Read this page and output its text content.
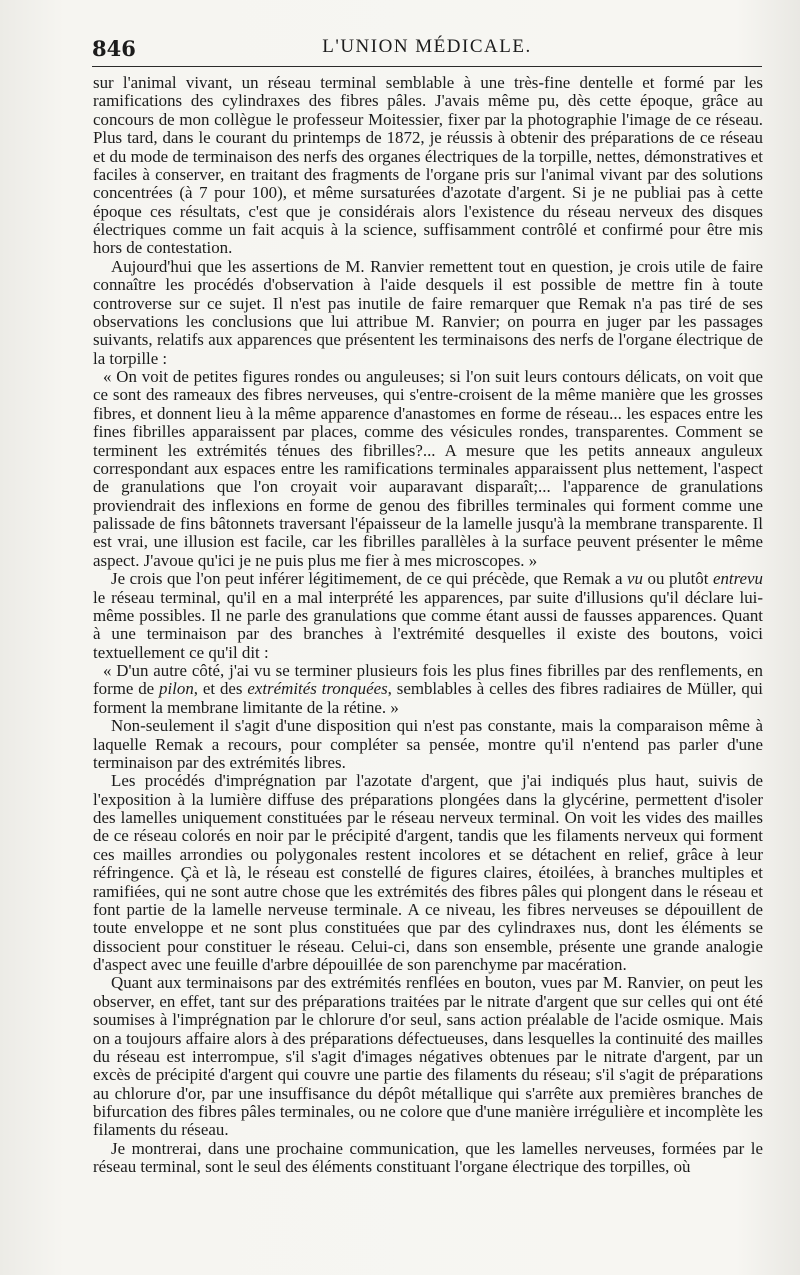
846	L'UNION MÉDICALE.

sur l'animal vivant, un réseau terminal semblable à une très-fine dentelle et formé par les ramifications des cylindraxes des fibres pâles. J'avais même pu, dès cette époque, grâce au concours de mon collègue le professeur Moitessier, fixer par la photographie l'image de ce réseau. Plus tard, dans le courant du printemps de 1872, je réussis à obtenir des préparations de ce réseau et du mode de terminaison des nerfs des organes électriques de la torpille, nettes, démonstratives et faciles à conserver, en traitant des fragments de l'organe pris sur l'animal vivant par des solutions concentrées (à 7 pour 100), et même sursaturées d'azotate d'argent. Si je ne publiai pas à cette époque ces résultats, c'est que je considérais alors l'existence du réseau nerveux des disques électriques comme un fait acquis à la science, suffisamment contrôlé et confirmé pour être mis hors de contestation.

Aujourd'hui que les assertions de M. Ranvier remettent tout en question, je crois utile de faire connaître les procédés d'observation à l'aide desquels il est possible de mettre fin à toute controverse sur ce sujet. Il n'est pas inutile de faire remarquer que Remak n'a pas tiré de ses observations les conclusions que lui attribue M. Ranvier; on pourra en juger par les passages suivants, relatifs aux apparences que présentent les terminaisons des nerfs de l'organe électrique de la torpille :

« On voit de petites figures rondes ou anguleuses; si l'on suit leurs contours délicats, on voit que ce sont des rameaux des fibres nerveuses, qui s'entre-croisent de la même manière que les grosses fibres, et donnent lieu à la même apparence d'anastomes en forme de réseau... les espaces entre les fines fibrilles apparaissent par places, comme des vésicules rondes, transparentes. Comment se terminent les extrémités ténues des fibrilles?... A mesure que les petits anneaux anguleux correspondant aux espaces entre les ramifications terminales apparaissent plus nettement, l'aspect de granulations que l'on croyait voir auparavant disparaît;... l'apparence de granulations proviendrait des inflexions en forme de genou des fibrilles terminales qui forment comme une palissade de fins bâtonnets traversant l'épaisseur de la lamelle jusqu'à la membrane transparente. Il est vrai, une illusion est facile, car les fibrilles parallèles à la surface peuvent présenter le même aspect. J'avoue qu'ici je ne puis plus me fier à mes microscopes. »

Je crois que l'on peut inférer légitimement, de ce qui précède, que Remak a vu ou plutôt entrevu le réseau terminal, qu'il en a mal interprété les apparences, par suite d'illusions qu'il déclare lui-même possibles. Il ne parle des granulations que comme étant aussi de fausses apparences. Quant à une terminaison par des branches à l'extrémité desquelles il existe des boutons, voici textuellement ce qu'il dit :

« D'un autre côté, j'ai vu se terminer plusieurs fois les plus fines fibrilles par des renflements, en forme de pilon, et des extrémités tronquées, semblables à celles des fibres radiaires de Müller, qui forment la membrane limitante de la rétine. »

Non-seulement il s'agit d'une disposition qui n'est pas constante, mais la comparaison même à laquelle Remak a recours, pour compléter sa pensée, montre qu'il n'entend pas parler d'une terminaison par des extrémités libres.

Les procédés d'imprégnation par l'azotate d'argent, que j'ai indiqués plus haut, suivis de l'exposition à la lumière diffuse des préparations plongées dans la glycérine, permettent d'isoler des lamelles uniquement constituées par le réseau nerveux terminal. On voit les vides des mailles de ce réseau colorés en noir par le précipité d'argent, tandis que les filaments nerveux qui forment ces mailles arrondies ou polygonales restent incolores et se détachent en relief, grâce à leur réfringence. Çà et là, le réseau est constellé de figures claires, étoilées, à branches multiples et ramifiées, qui ne sont autre chose que les extrémités des fibres pâles qui plongent dans le réseau et font partie de la lamelle nerveuse terminale. A ce niveau, les fibres nerveuses se dépouillent de toute enveloppe et ne sont plus constituées que par des cylindraxes nus, dont les éléments se dissocient pour constituer le réseau. Celui-ci, dans son ensemble, présente une grande analogie d'aspect avec une feuille d'arbre dépouillée de son parenchyme par macération.

Quant aux terminaisons par des extrémités renflées en bouton, vues par M. Ranvier, on peut les observer, en effet, tant sur des préparations traitées par le nitrate d'argent que sur celles qui ont été soumises à l'imprégnation par le chlorure d'or seul, sans action préalable de l'acide osmique. Mais on a toujours affaire alors à des préparations défectueuses, dans lesquelles la continuité des mailles du réseau est interrompue, s'il s'agit d'images négatives obtenues par le nitrate d'argent, par un excès de précipité d'argent qui couvre une partie des filaments du réseau; s'il s'agit de préparations au chlorure d'or, par une insuffisance du dépôt métallique qui s'arrête aux premières branches de bifurcation des fibres pâles terminales, ou ne colore que d'une manière irrégulière et incomplète les filaments du réseau.

Je montrerai, dans une prochaine communication, que les lamelles nerveuses, formées par le réseau terminal, sont le seul des éléments constituant l'organe électrique des torpilles, où
